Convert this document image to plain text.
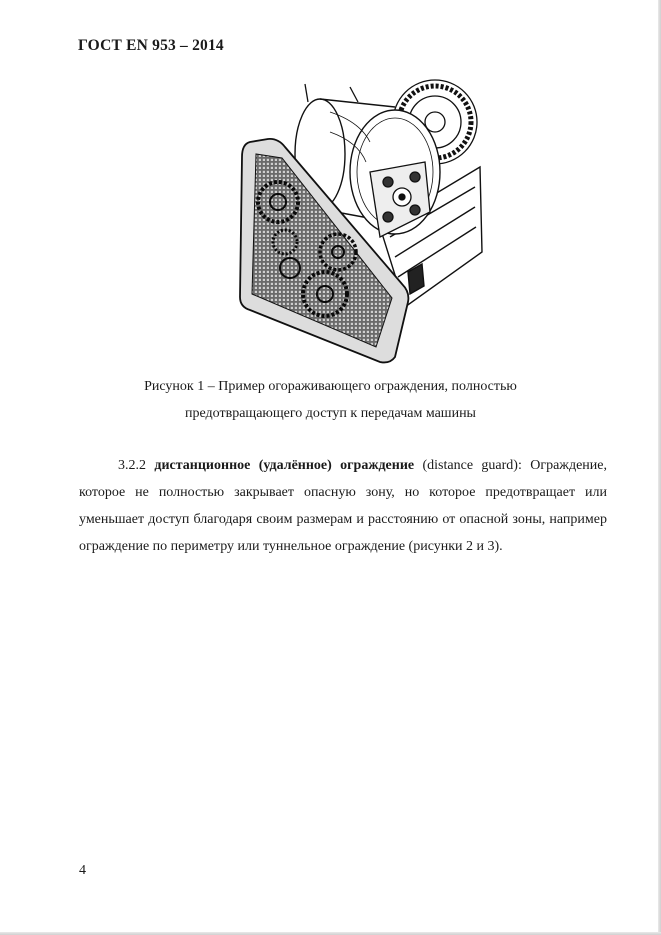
ГОСТ EN 953 – 2014
Рисунок 1 – Пример огораживающего ограждения, полностью
предотвращающего доступ к передачам машины
3.2.2 дистанционное (удалённое) ограждение (distance guard): Ограждение, которое не полностью закрывает опасную зону, но которое предотвращает или уменьшает доступ благодаря своим размерам и расстоянию от опасной зоны, например ограждение по периметру или туннельное ограждение (рисунки 2 и 3).
4
